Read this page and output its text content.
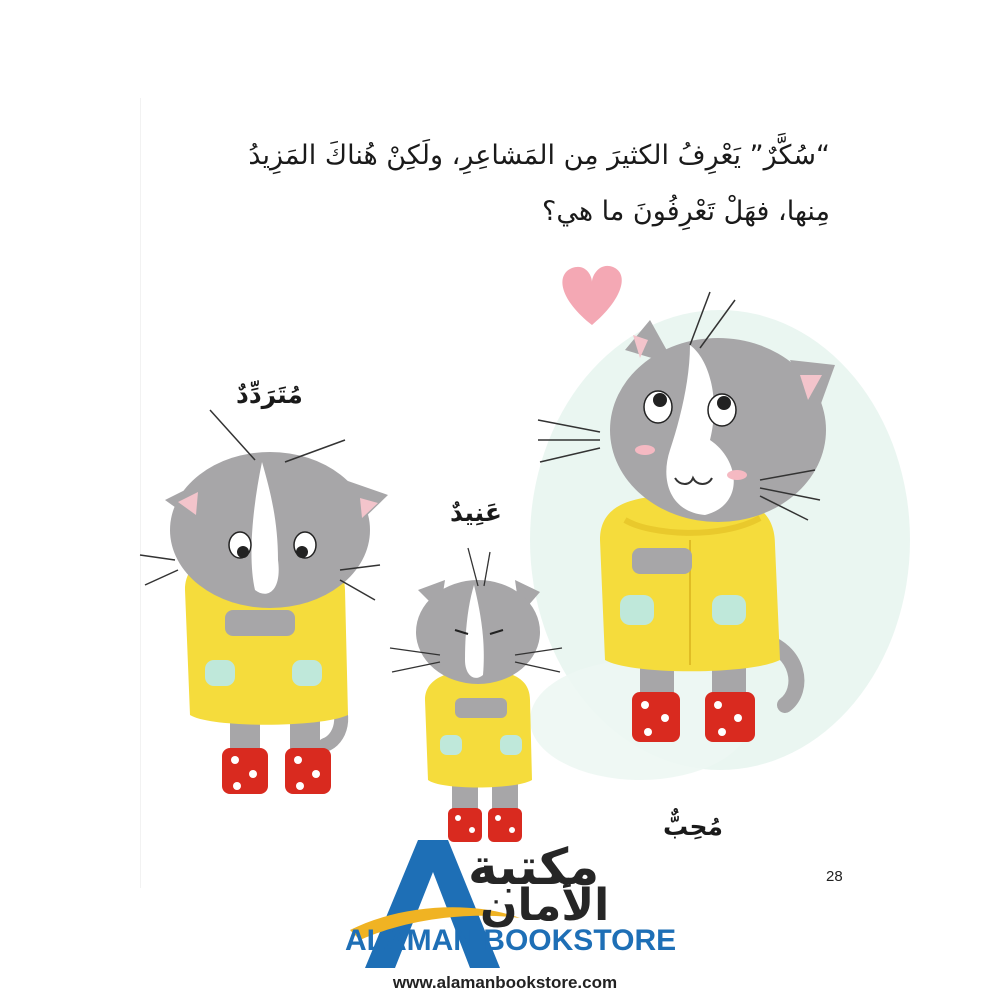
“سُكَّرٌ” يَعْرِفُ الكثيرَ مِن المَشاعِرِ، ولَكِنْ هُناكَ المَزِيدُ
مِنها، فهَلْ تَعْرِفُونَ ما هي؟
مُتَرَدِّدٌ
عَنِيدٌ
مُحِبٌّ
28
مكتبة
الأمان
ALAMAN BOOKSTORE
www.alamanbookstore.com
